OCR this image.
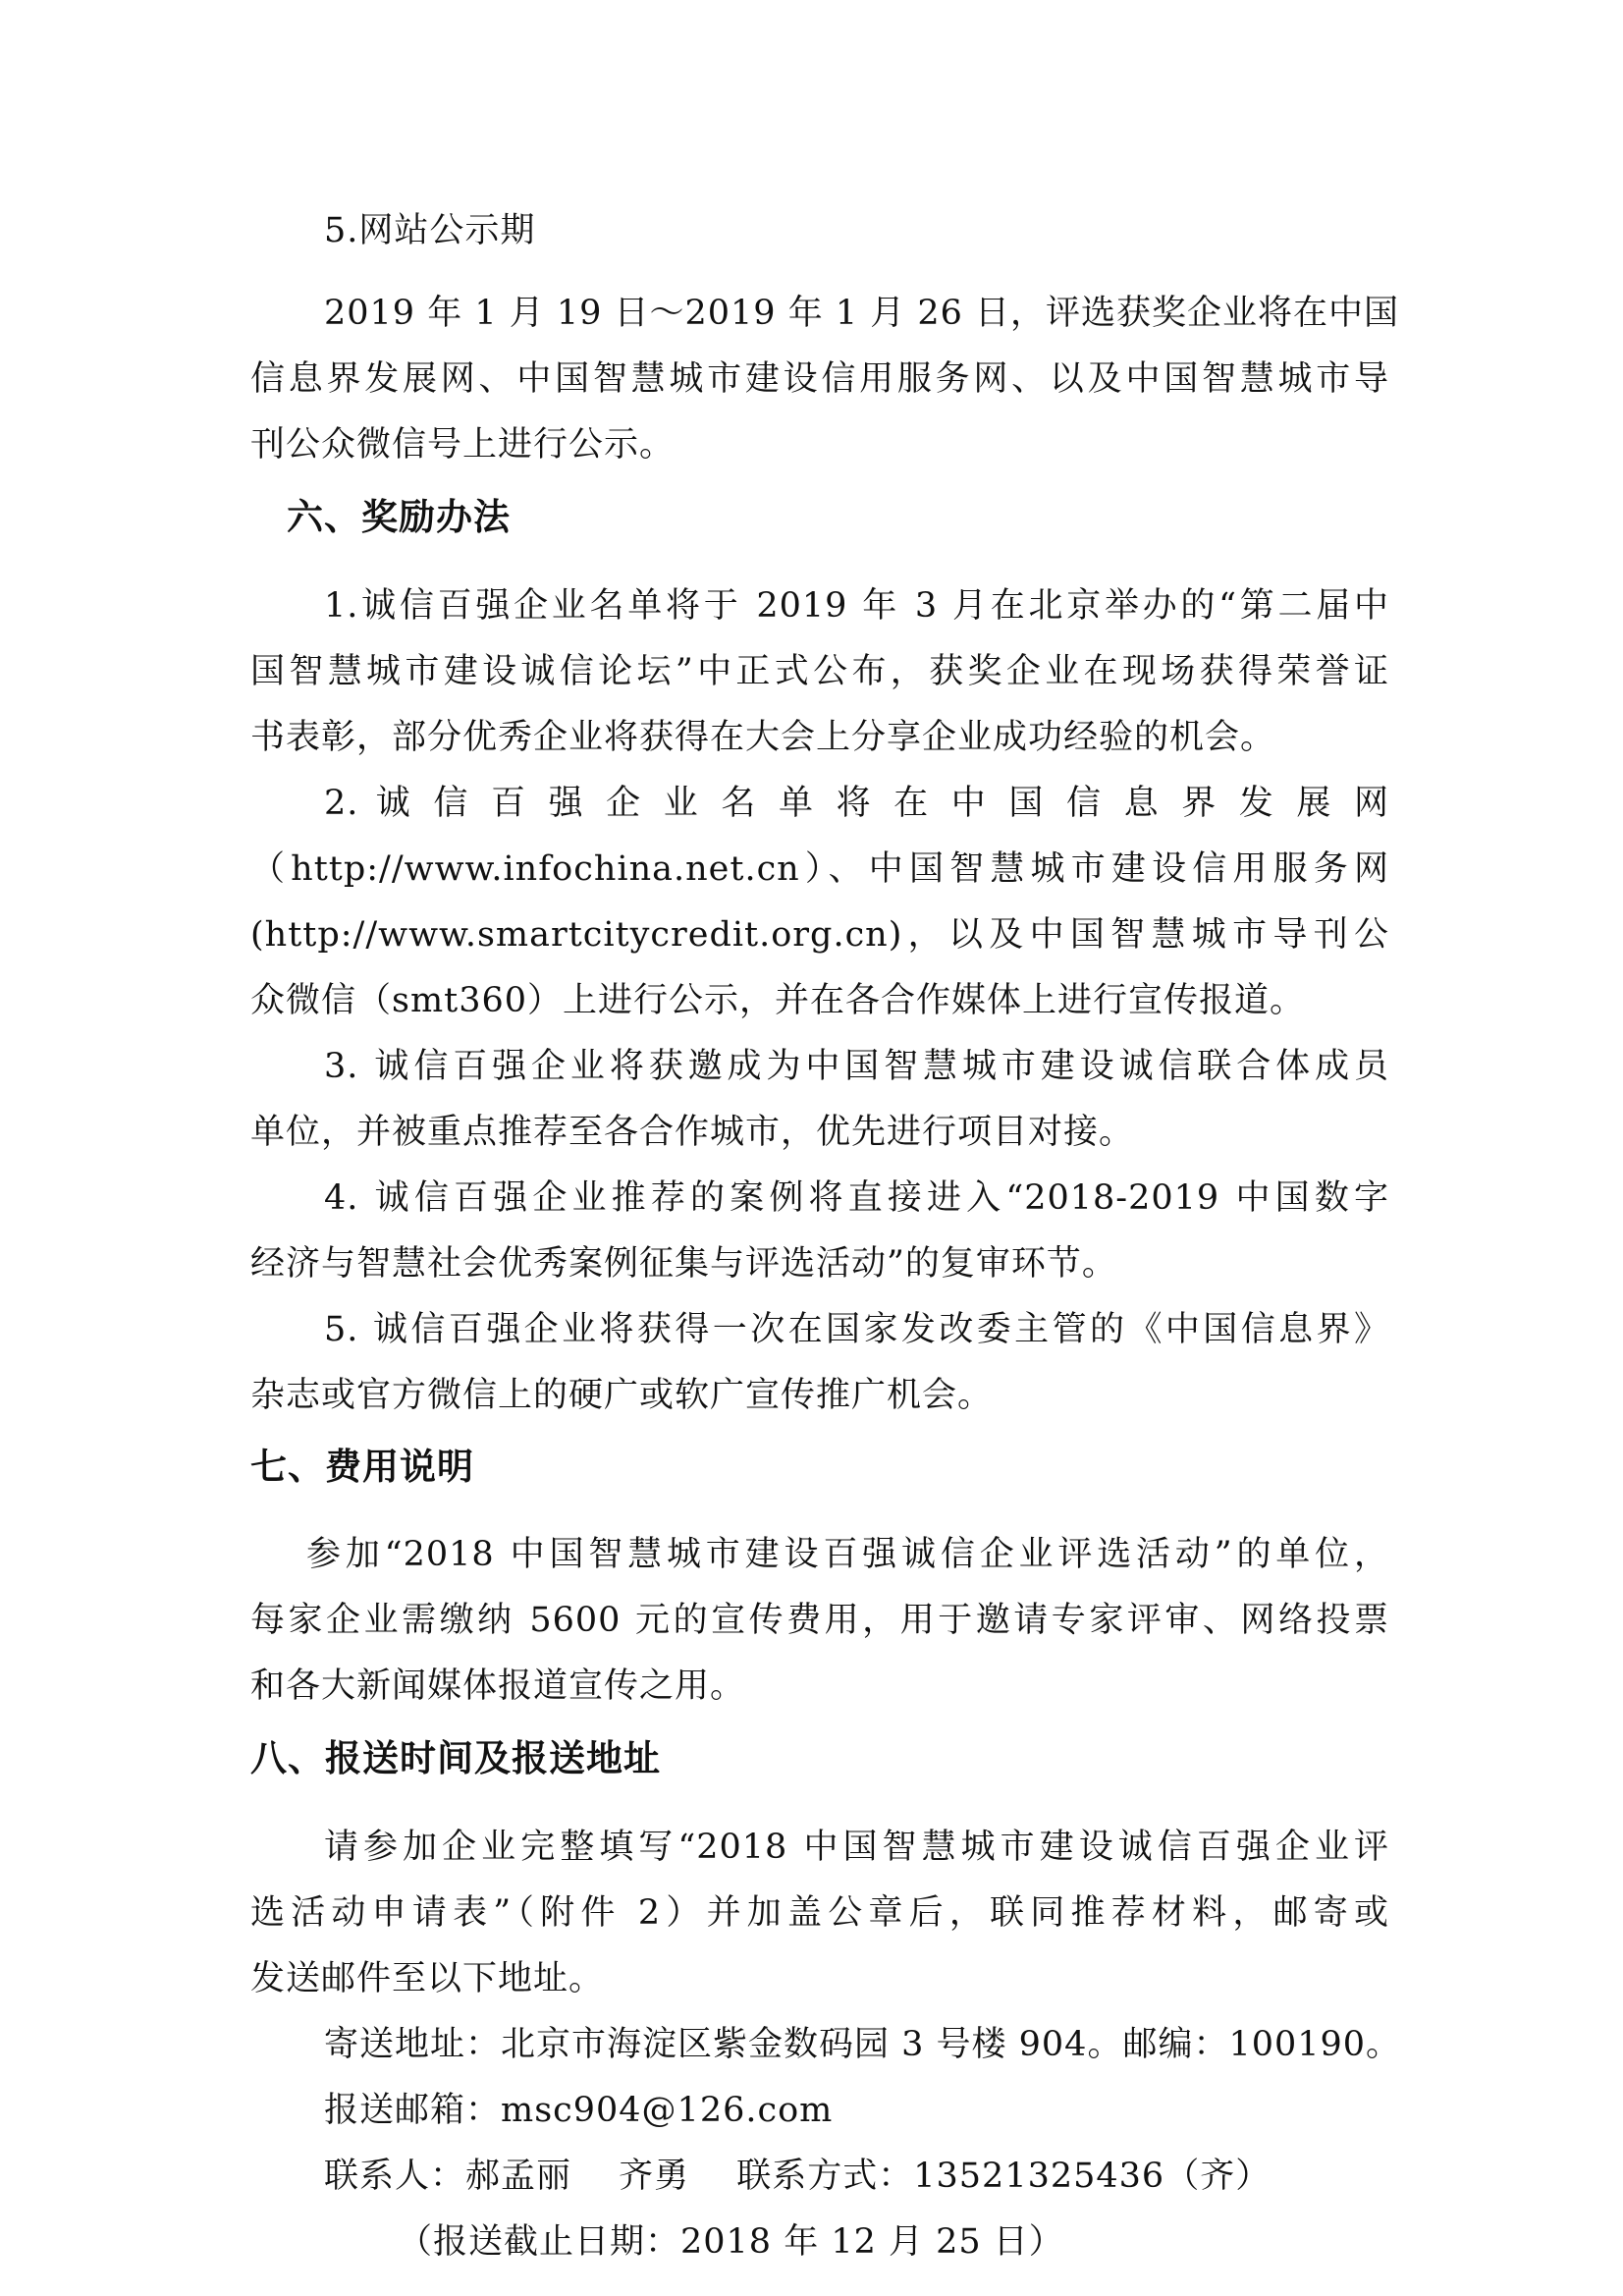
5.网站公示期
2019 年 1 月 19 日～2019 年 1 月 26 日，评选获奖企业将在中国
信息界发展网、中国智慧城市建设信用服务网、以及中国智慧城市导
刊公众微信号上进行公示。
六、奖励办法
1.诚信百强企业名单将于 2019 年 3 月在北京举办的“第二届中
国智慧城市建设诚信论坛”中正式公布，获奖企业在现场获得荣誉证
书表彰，部分优秀企业将获得在大会上分享企业成功经验的机会。
2. 诚 信 百 强 企 业 名 单 将 在 中 国 信 息 界 发 展 网
（http://www.infochina.net.cn）、中国智慧城市建设信用服务网
(http://www.smartcitycredit.org.cn)，以及中国智慧城市导刊公
众微信（smt360）上进行公示，并在各合作媒体上进行宣传报道。
3. 诚信百强企业将获邀成为中国智慧城市建设诚信联合体成员
单位，并被重点推荐至各合作城市，优先进行项目对接。
4. 诚信百强企业推荐的案例将直接进入“2018-2019 中国数字
经济与智慧社会优秀案例征集与评选活动”的复审环节。
5. 诚信百强企业将获得一次在国家发改委主管的《中国信息界》
杂志或官方微信上的硬广或软广宣传推广机会。
七、费用说明
参加“2018 中国智慧城市建设百强诚信企业评选活动”的单位，
每家企业需缴纳 5600 元的宣传费用，用于邀请专家评审、网络投票
和各大新闻媒体报道宣传之用。
八、报送时间及报送地址
请参加企业完整填写“2018 中国智慧城市建设诚信百强企业评
选活动申请表”（附件 2）并加盖公章后，联同推荐材料，邮寄或
发送邮件至以下地址。
寄送地址：北京市海淀区紫金数码园 3 号楼 904。邮编：100190。
报送邮箱：msc904@126.com
联系人：郝孟丽　 齐勇　 联系方式：13521325436（齐）
（报送截止日期：2018 年 12 月 25 日）
